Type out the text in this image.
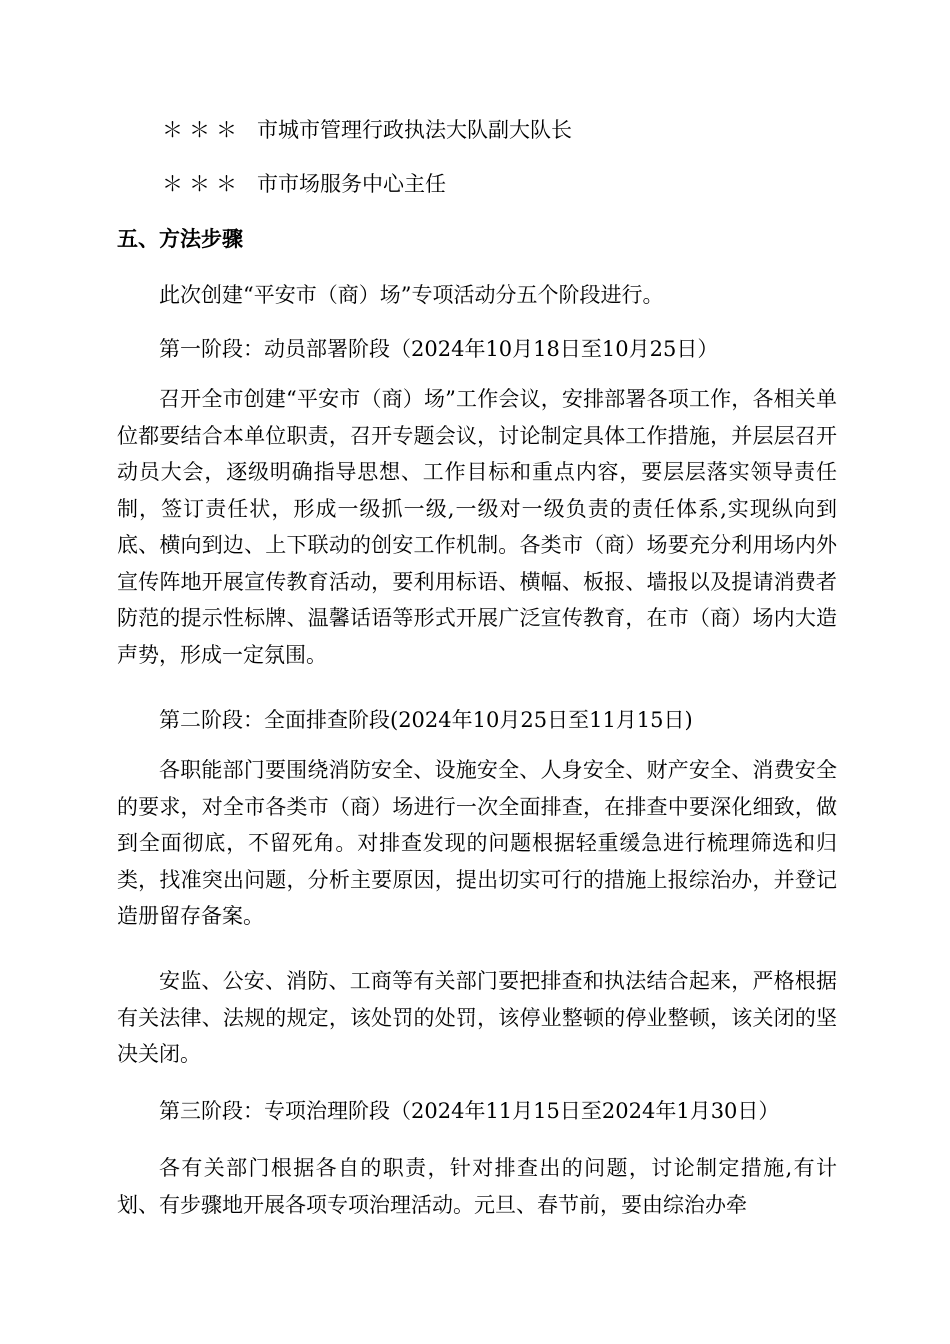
＊＊＊ 市城市管理行政执法大队副大队长
＊＊＊ 市市场服务中心主任
五、方法步骤
此次创建“平安市（商）场”专项活动分五个阶段进行。
第一阶段：动员部署阶段（2024年10月18日至10月25日）

召开全市创建“平安市（商）场”工作会议，安排部署各项工作，各相关单位都要结合本单位职责，召开专题会议，讨论制定具体工作措施，并层层召开动员大会，逐级明确指导思想、工作目标和重点内容，要层层落实领导责任制，签订责任状，形成一级抓一级,一级对一级负责的责任体系,实现纵向到底、横向到边、上下联动的创安工作机制。各类市（商）场要充分利用场内外宣传阵地开展宣传教育活动，要利用标语、横幅、板报、墙报以及提请消费者防范的提示性标牌、温馨话语等形式开展广泛宣传教育，在市（商）场内大造声势，形成一定氛围。

第二阶段：全面排查阶段(2024年10月25日至11月15日)

各职能部门要围绕消防安全、设施安全、人身安全、财产安全、消费安全的要求，对全市各类市（商）场进行一次全面排查，在排查中要深化细致，做到全面彻底，不留死角。对排查发现的问题根据轻重缓急进行梳理筛选和归类，找准突出问题，分析主要原因，提出切实可行的措施上报综治办，并登记造册留存备案。

安监、公安、消防、工商等有关部门要把排查和执法结合起来，严格根据有关法律、法规的规定，该处罚的处罚，该停业整顿的停业整顿，该关闭的坚决关闭。

第三阶段：专项治理阶段（2024年11月15日至2024年1月30日）

各有关部门根据各自的职责，针对排查出的问题，讨论制定措施,有计划、有步骤地开展各项专项治理活动。元旦、春节前，要由综治办牵
